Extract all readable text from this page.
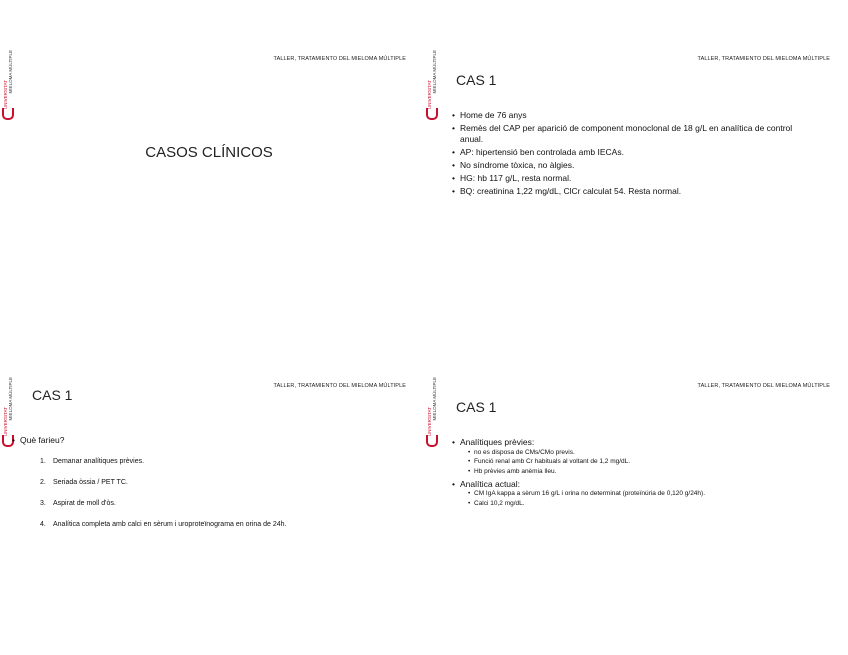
MIELOMA MÚLTIPLE
UNIVERSITAT
TALLER, TRATAMIENTO DEL MIELOMA MÚLTIPLE
CASOS CLÍNICOS
MIELOMA MÚLTIPLE
UNIVERSITAT
TALLER, TRATAMIENTO DEL MIELOMA MÚLTIPLE
CAS 1
• Home de 76 anys
• Remès del CAP per aparició de component monoclonal de 18 g/L en analítica de control anual.
• AP: hipertensió ben controlada amb IECAs.
• No síndrome tòxica, no àlgies.
• HG: hb 117 g/L, resta normal.
• BQ: creatinina 1,22 mg/dL, ClCr calculat 54. Resta normal.
MIELOMA MÚLTIPLE
UNIVERSITAT
TALLER, TRATAMIENTO DEL MIELOMA MÚLTIPLE
CAS 1
• Què farieu?
1. Demanar analítiques prèvies.
2. Seriada òssia / PET TC.
3. Aspirat de moll d'òs.
4. Analítica completa amb calci en sèrum i uroproteïnograma en orina de 24h.
MIELOMA MÚLTIPLE
UNIVERSITAT
TALLER, TRATAMIENTO DEL MIELOMA MÚLTIPLE
CAS 1
• Analítiques prèvies:
• no es disposa de CMs/CMo previs.
• Funció renal amb Cr habituals al voltant de 1,2 mg/dL.
• Hb prèvies amb anèmia lleu.
• Analítica actual:
• CM IgA kappa a sèrum 16 g/L i orina no determinat (proteïnúria de 0,120 g/24h).
• Calci 10,2 mg/dL.
